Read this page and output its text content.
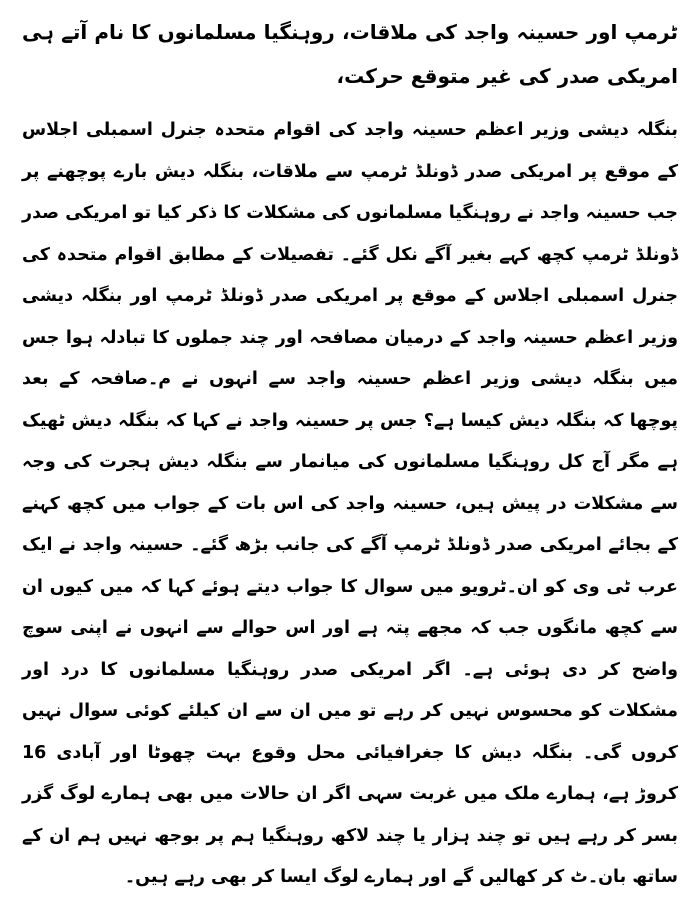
ٹرمپ اور حسینہ واجد کی ملاقات، روہنگیا مسلمانوں کا نام آتے ہی امریکی صدر کی غیر متوقع حرکت،

بنگلہ دیشی وزیر اعظم حسینہ واجد کی اقوام متحدہ جنرل اسمبلی اجلاس کے موقع پر امریکی صدر ڈونلڈ ٹرمپ سے ملاقات، بنگلہ دیش بارے پوچھنے پر جب حسینہ واجد نے روہنگیا مسلمانوں کی مشکلات کا ذکر کیا تو امریکی صدر ڈونلڈ ٹرمپ کچھ کہے بغیر آگے نکل گئے۔ تفصیلات کے مطابق اقوام متحدہ کی جنرل اسمبلی اجلاس کے موقع پر امریکی صدر ڈونلڈ ٹرمپ اور بنگلہ دیشی وزیر اعظم حسینہ واجد کے درمیان مصافحہ اور چند جملوں کا تبادلہ ہوا جس میں بنگلہ دیشی وزیر اعظم حسینہ واجد سے انہوں نے م۔صافحہ کے بعد پوچھا کہ بنگلہ دیش کیسا ہے؟ جس پر حسینہ واجد نے کہا کہ بنگلہ دیش ٹھیک ہے مگر آج کل روہنگیا مسلمانوں کی میانمار سے بنگلہ دیش ہجرت کی وجہ سے مشکلات در پیش ہیں، حسینہ واجد کی اس بات کے جواب میں کچھ کہنے کے بجائے امریکی صدر ڈونلڈ ٹرمپ آگے کی جانب بڑھ گئے۔ حسینہ واجد نے ایک عرب ٹی وی کو ان۔ٹرویو میں سوال کا جواب دیتے ہوئے کہا کہ میں کیوں ان سے کچھ مانگوں جب کہ مجھے پتہ ہے اور اس حوالے سے انہوں نے اپنی سوچ واضح کر دی ہوئی ہے۔ اگر امریکی صدر روہنگیا مسلمانوں کا درد اور مشکلات کو محسوس نہیں کر رہے تو میں ان سے ان کیلئے کوئی سوال نہیں کروں گی۔ بنگلہ دیش کا جغرافیائی محل وقوع بہت چھوٹا اور آبادی 16 کروڑ ہے، ہمارے ملک میں غربت سہی اگر ان حالات میں بھی ہمارے لوگ گزر بسر کر رہے ہیں تو چند ہزار یا چند لاکھ روہنگیا ہم پر بوجھ نہیں ہم ان کے ساتھ بان۔ٹ کر کھالیں گے اور ہمارے لوگ ایسا کر بھی رہے ہیں۔
